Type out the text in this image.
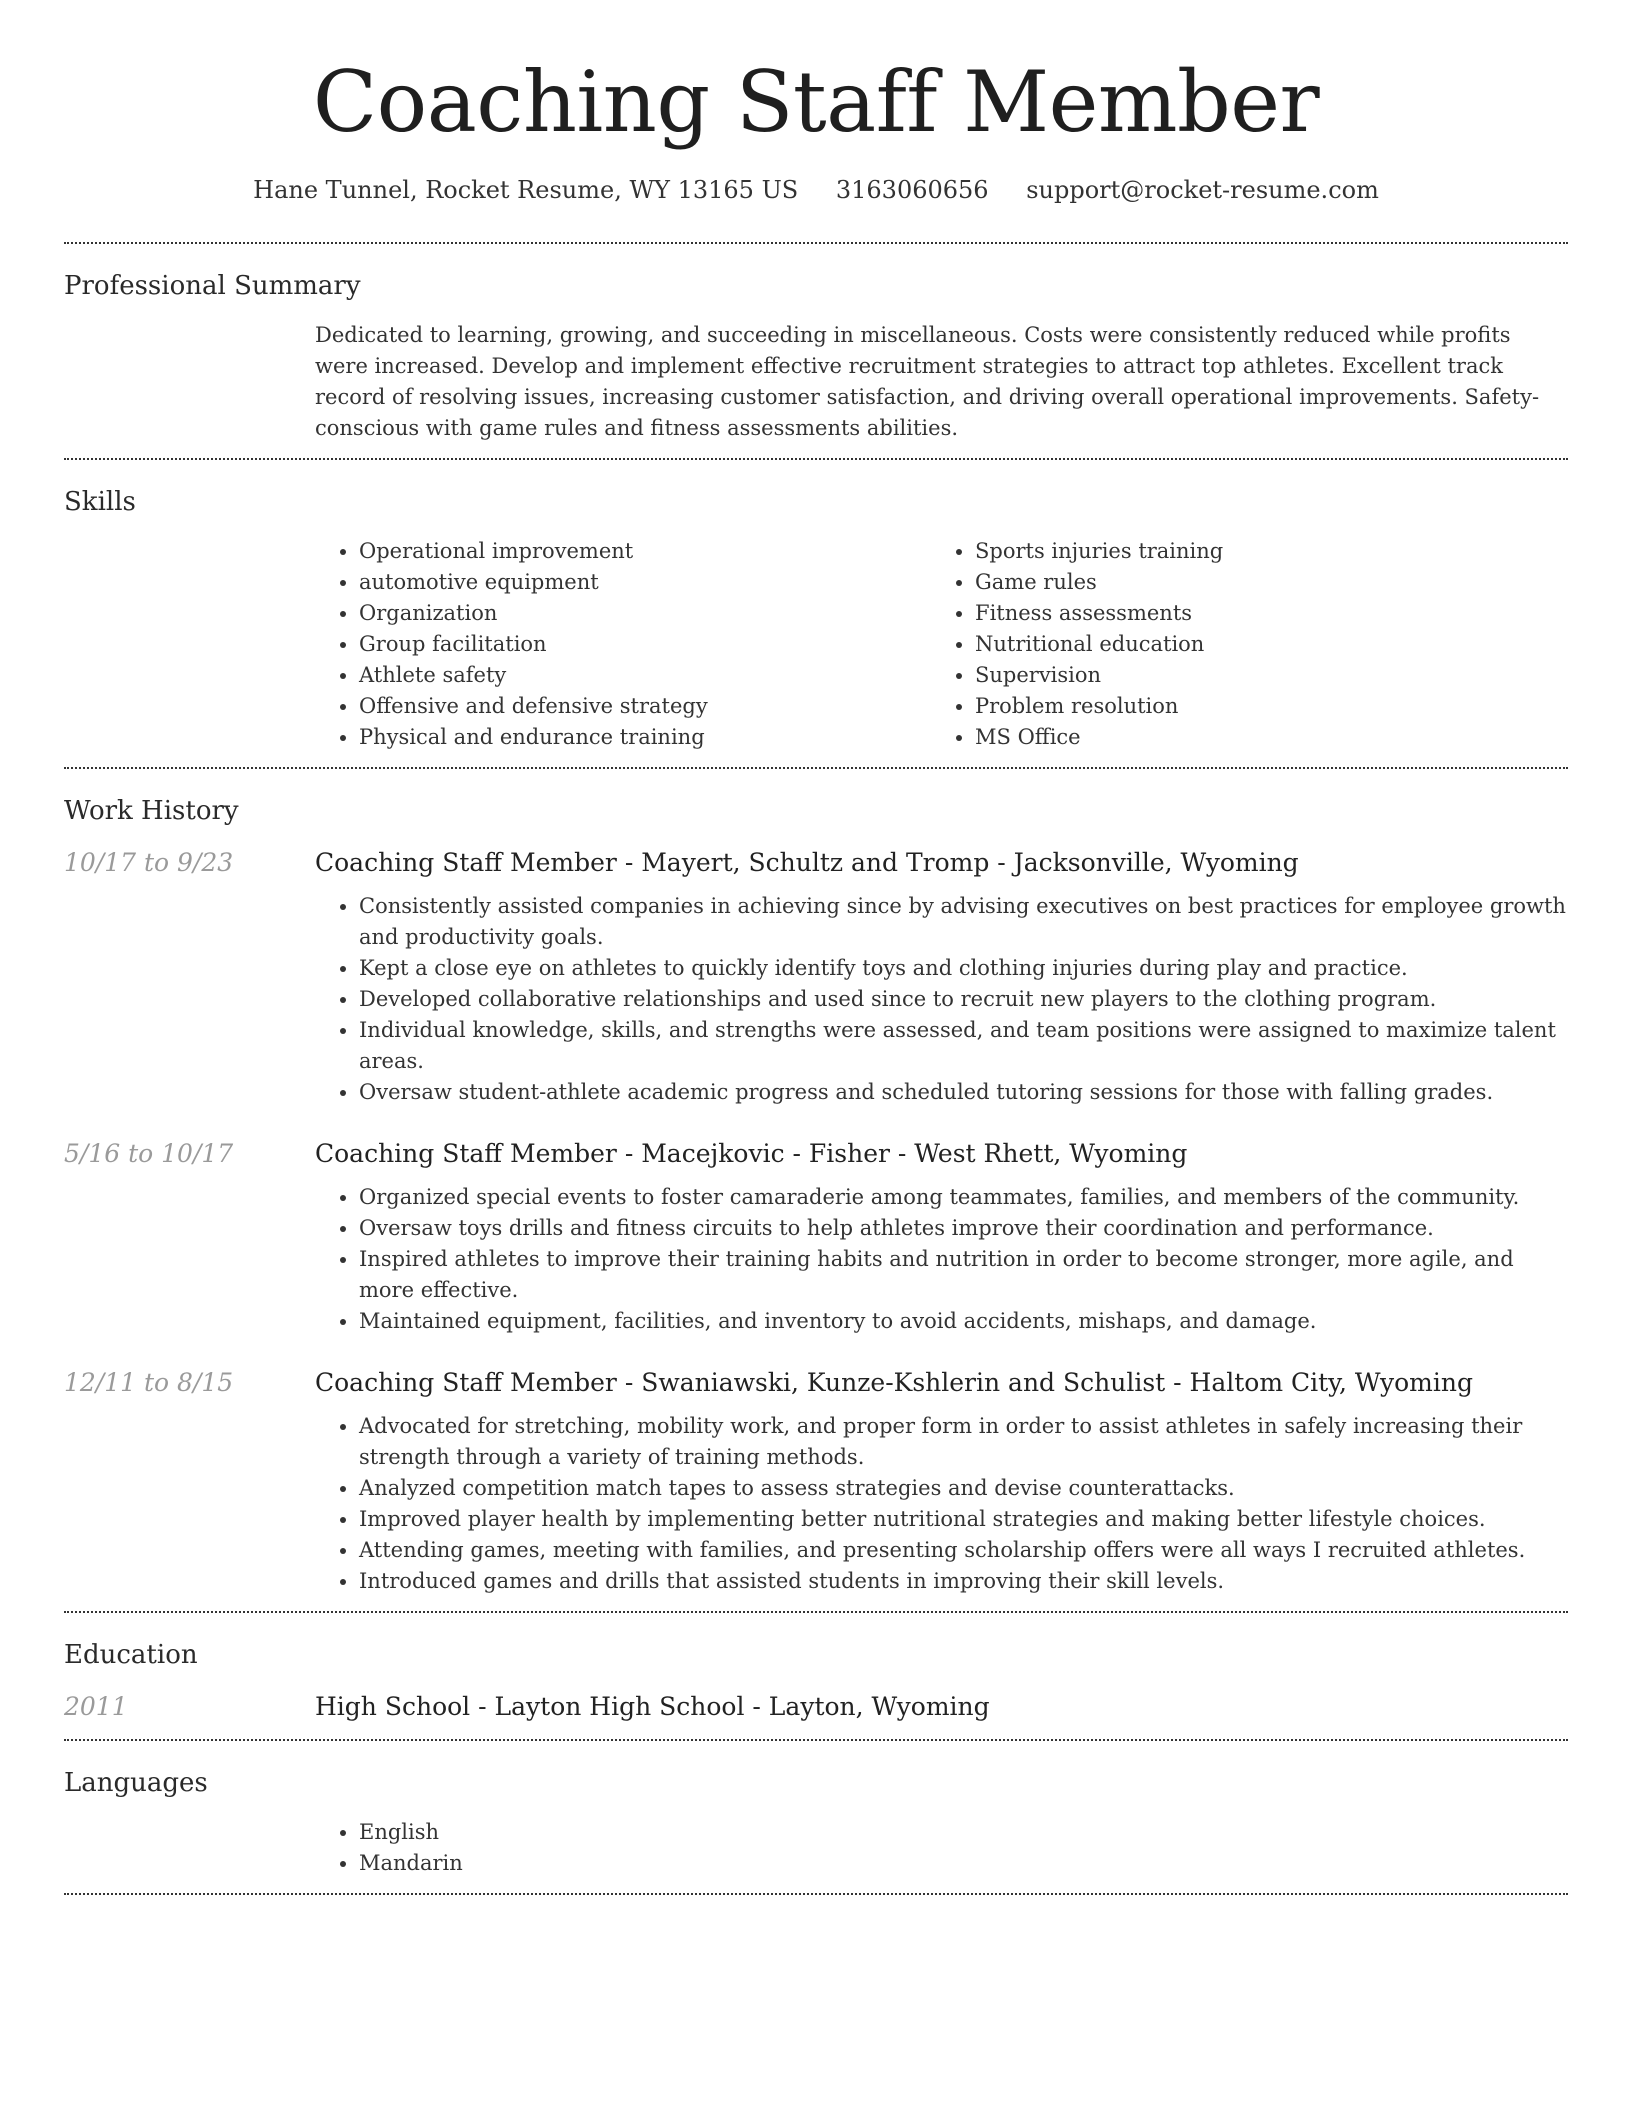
Coaching Staff Member
Hane Tunnel, Rocket Resume, WY 13165 US 3163060656 support@rocket-resume.com
Professional Summary

Dedicated to learning, growing, and succeeding in miscellaneous. Costs were consistently reduced while profits were increased. Develop and implement effective recruitment strategies to attract top athletes. Excellent track record of resolving issues, increasing customer satisfaction, and driving overall operational improvements. Safety-conscious with game rules and fitness assessments abilities.

Skills
• Operational improvement
• automotive equipment
• Organization
• Group facilitation
• Athlete safety
• Offensive and defensive strategy
• Physical and endurance training
• Sports injuries training
• Game rules
• Fitness assessments
• Nutritional education
• Supervision
• Problem resolution
• MS Office
Work History
10/17 to 9/23	Coaching Staff Member - Mayert, Schultz and Tromp - Jacksonville, Wyoming
• Consistently assisted companies in achieving since by advising executives on best practices for employee growth and productivity goals.
• Kept a close eye on athletes to quickly identify toys and clothing injuries during play and practice.
• Developed collaborative relationships and used since to recruit new players to the clothing program.
• Individual knowledge, skills, and strengths were assessed, and team positions were assigned to maximize talent areas.
• Oversaw student-athlete academic progress and scheduled tutoring sessions for those with falling grades.
5/16 to 10/17	Coaching Staff Member - Macejkovic - Fisher - West Rhett, Wyoming
• Organized special events to foster camaraderie among teammates, families, and members of the community.
• Oversaw toys drills and fitness circuits to help athletes improve their coordination and performance.
• Inspired athletes to improve their training habits and nutrition in order to become stronger, more agile, and more effective.
• Maintained equipment, facilities, and inventory to avoid accidents, mishaps, and damage.
12/11 to 8/15	Coaching Staff Member - Swaniawski, Kunze-Kshlerin and Schulist - Haltom City, Wyoming
• Advocated for stretching, mobility work, and proper form in order to assist athletes in safely increasing their strength through a variety of training methods.
• Analyzed competition match tapes to assess strategies and devise counterattacks.
• Improved player health by implementing better nutritional strategies and making better lifestyle choices.
• Attending games, meeting with families, and presenting scholarship offers were all ways I recruited athletes.
• Introduced games and drills that assisted students in improving their skill levels.
Education
2011	High School - Layton High School - Layton, Wyoming
Languages
• English
• Mandarin
